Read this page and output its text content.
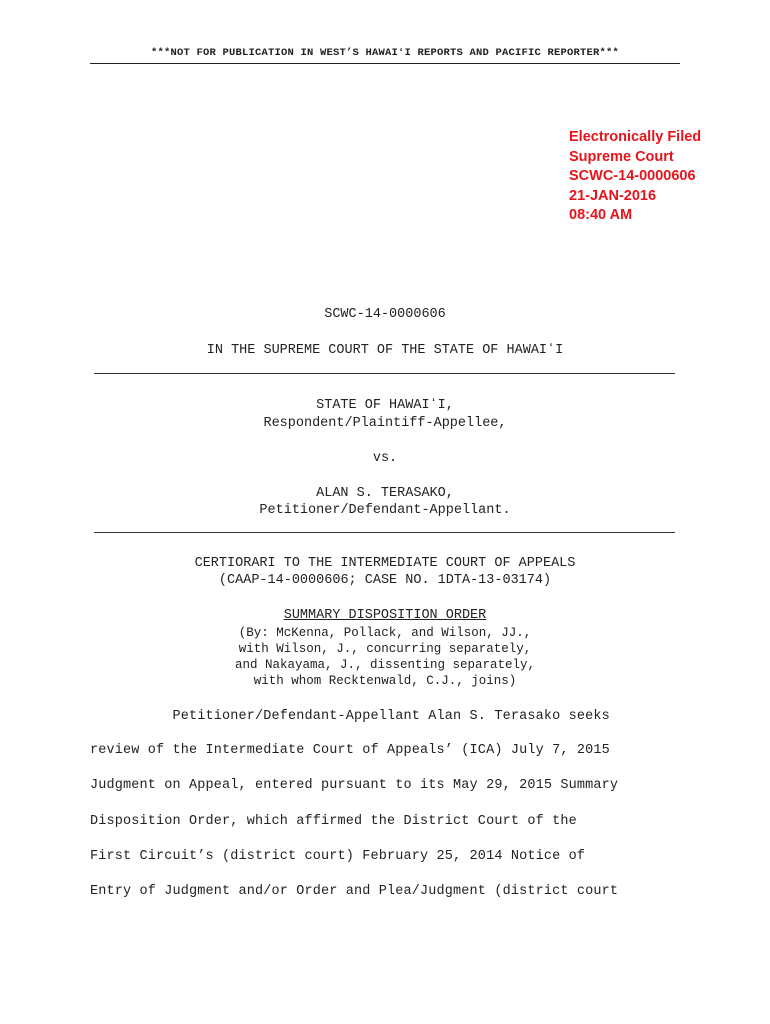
***NOT FOR PUBLICATION IN WEST’S HAWAIʻI REPORTS AND PACIFIC REPORTER***
Electronically Filed
Supreme Court
SCWC-14-0000606
21-JAN-2016
08:40 AM
SCWC-14-0000606
IN THE SUPREME COURT OF THE STATE OF HAWAIʻI
STATE OF HAWAIʻI,
Respondent/Plaintiff-Appellee,
vs.
ALAN S. TERASAKO,
Petitioner/Defendant-Appellant.
CERTIORARI TO THE INTERMEDIATE COURT OF APPEALS
(CAAP-14-0000606; CASE NO. 1DTA-13-03174)
SUMMARY DISPOSITION ORDER
(By: McKenna, Pollack, and Wilson, JJ.,
with Wilson, J., concurring separately,
and Nakayama, J., dissenting separately,
with whom Recktenwald, C.J., joins)
Petitioner/Defendant-Appellant Alan S. Terasako seeks
review of the Intermediate Court of Appeals’ (ICA) July 7, 2015
Judgment on Appeal, entered pursuant to its May 29, 2015 Summary
Disposition Order, which affirmed the District Court of the
First Circuit’s (district court) February 25, 2014 Notice of
Entry of Judgment and/or Order and Plea/Judgment (district court
